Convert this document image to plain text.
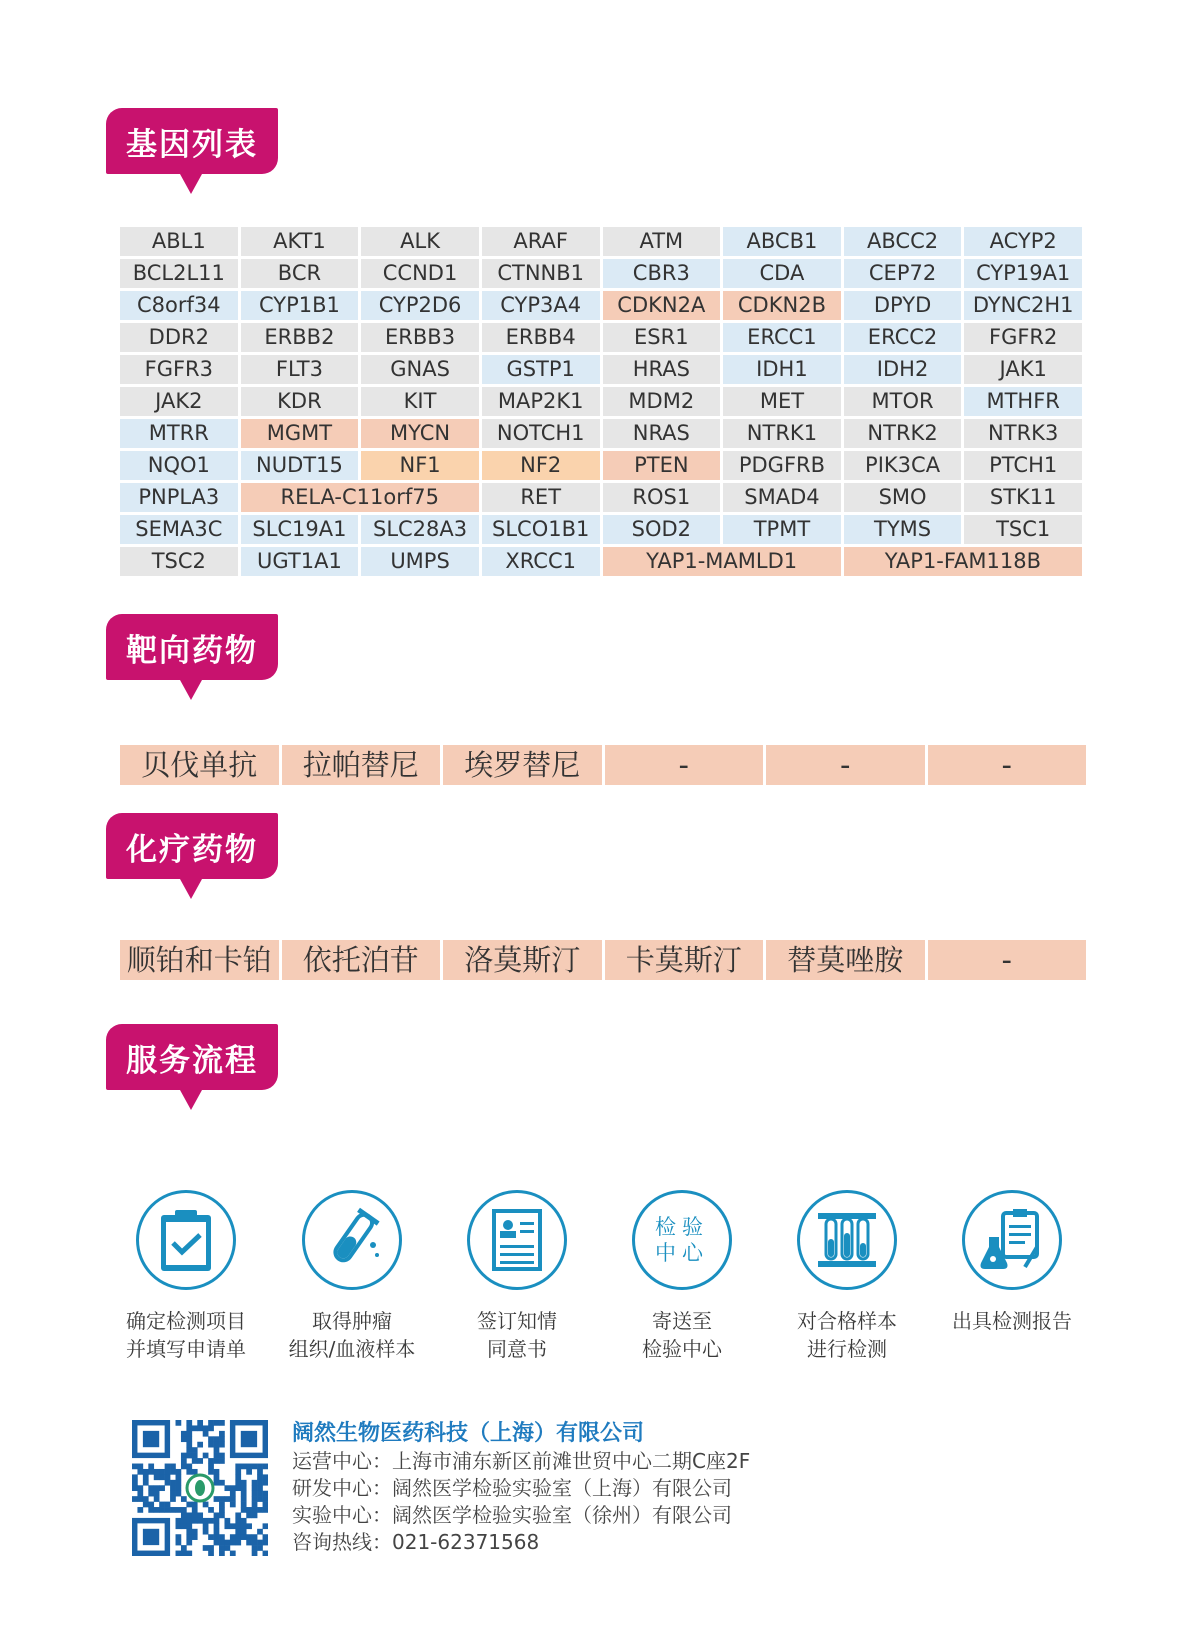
基因列表
靶向药物
化疗药物
服务流程
ABL1	AKT1	ALK	ARAF	ATM	ABCB1	ABCC2	ACYP2
BCL2L11	BCR	CCND1	CTNNB1	CBR3	CDA	CEP72	CYP19A1
C8orf34	CYP1B1	CYP2D6	CYP3A4	CDKN2A	CDKN2B	DPYD	DYNC2H1
DDR2	ERBB2	ERBB3	ERBB4	ESR1	ERCC1	ERCC2	FGFR2
FGFR3	FLT3	GNAS	GSTP1	HRAS	IDH1	IDH2	JAK1
JAK2	KDR	KIT	MAP2K1	MDM2	MET	MTOR	MTHFR
MTRR	MGMT	MYCN	NOTCH1	NRAS	NTRK1	NTRK2	NTRK3
NQO1	NUDT15	NF1	NF2	PTEN	PDGFRB	PIK3CA	PTCH1
PNPLA3	RELA-C11orf75	RET	ROS1	SMAD4	SMO	STK11
SEMA3C	SLC19A1	SLC28A3	SLCO1B1	SOD2	TPMT	TYMS	TSC1
TSC2	UGT1A1	UMPS	XRCC1	YAP1-MAMLD1	YAP1-FAM118B
贝伐单抗	拉帕替尼	埃罗替尼	-	-	-
顺铂和卡铂	依托泊苷	洛莫斯汀	卡莫斯汀	替莫唑胺	-
确定检测项目
并填写申请单
取得肿瘤
组织/血液样本
签订知情
同意书
检验
中心
寄送至
检验中心
对合格样本
进行检测
出具检测报告
阔然生物医药科技（上海）有限公司
运营中心：上海市浦东新区前滩世贸中心二期C座2F
研发中心：阔然医学检验实验室（上海）有限公司
实验中心：阔然医学检验实验室（徐州）有限公司
咨询热线：021-62371568
